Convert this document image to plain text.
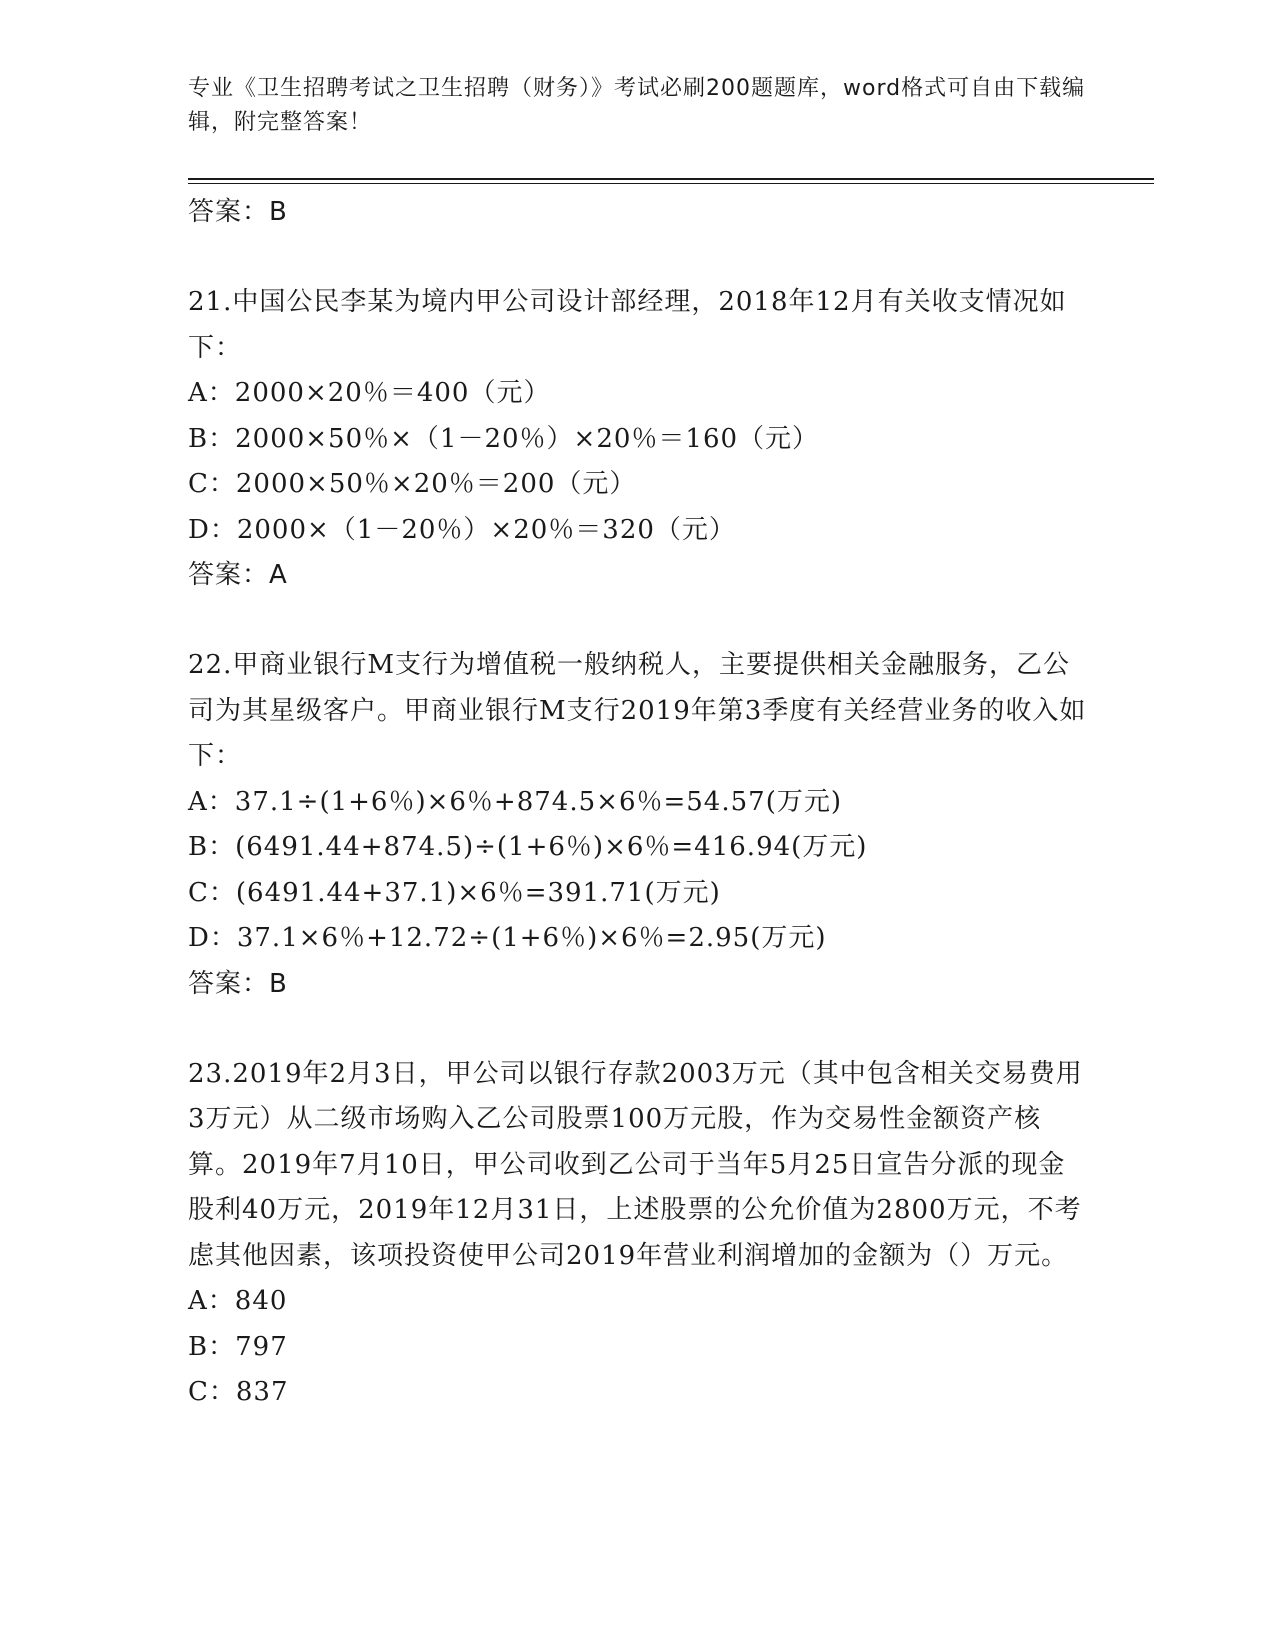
专业《卫生招聘考试之卫生招聘（财务）》考试必刷200题题库，word格式可自由下载编辑，附完整答案！
答案：B
21.中国公民李某为境内甲公司设计部经理，2018年12月有关收支情况如下：
A：2000×20％＝400（元）
B：2000×50％×（1－20％）×20％＝160（元）
C：2000×50％×20％＝200（元）
D：2000×（1－20％）×20％＝320（元）
答案：A
22.甲商业银行M支行为增值税一般纳税人，主要提供相关金融服务，乙公司为其星级客户。甲商业银行M支行2019年第3季度有关经营业务的收入如下：
A：37.1÷(1+6％)×6％+874.5×6％=54.57(万元)
B：(6491.44+874.5)÷(1+6％)×6％=416.94(万元)
C：(6491.44+37.1)×6％=391.71(万元)
D：37.1×6％+12.72÷(1+6％)×6％=2.95(万元)
答案：B
23.2019年2月3日，甲公司以银行存款2003万元（其中包含相关交易费用3万元）从二级市场购入乙公司股票100万元股，作为交易性金额资产核算。2019年7月10日，甲公司收到乙公司于当年5月25日宣告分派的现金股利40万元，2019年12月31日，上述股票的公允价值为2800万元，不考虑其他因素，该项投资使甲公司2019年营业利润增加的金额为（）万元。
A：840
B：797
C：837
